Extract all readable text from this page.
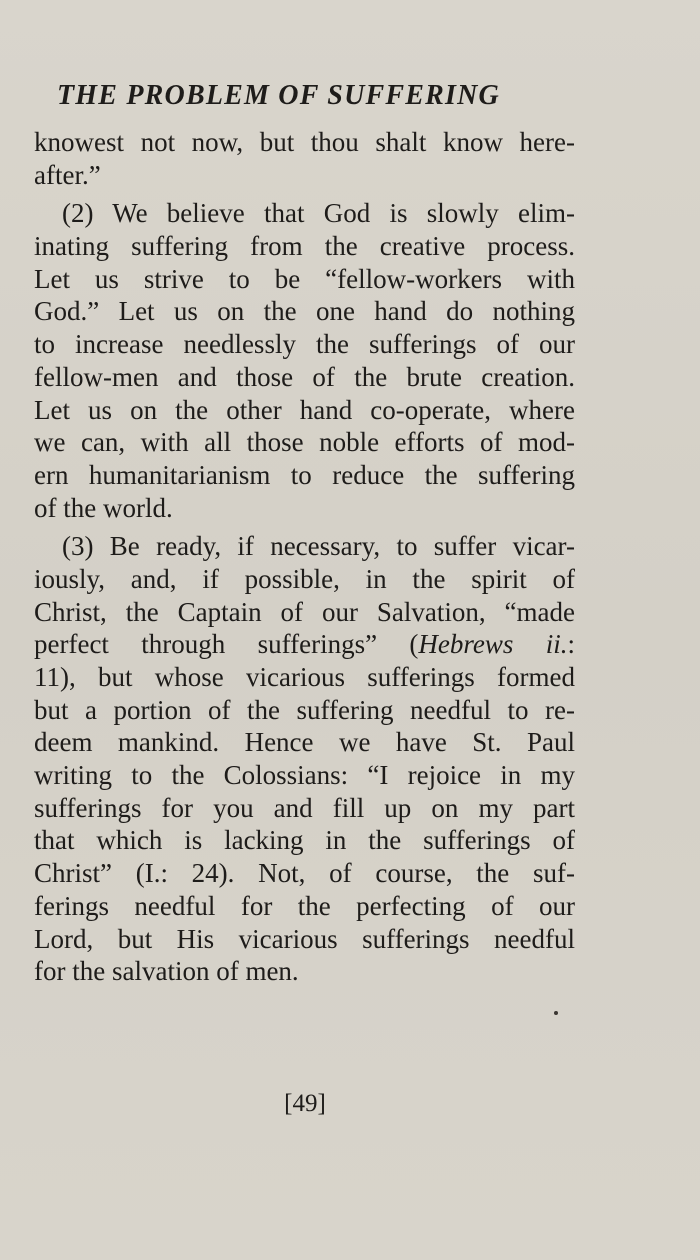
THE PROBLEM OF SUFFERING
knowest not now, but thou shalt know here-
after.”
(2) We believe that God is slowly elim-
inating suffering from the creative process.
Let us strive to be “fellow-workers with
God.” Let us on the one hand do nothing
to increase needlessly the sufferings of our
fellow-men and those of the brute creation.
Let us on the other hand co-operate, where
we can, with all those noble efforts of mod-
ern humanitarianism to reduce the suffering
of the world.
(3) Be ready, if necessary, to suffer vicar-
iously, and, if possible, in the spirit of
Christ, the Captain of our Salvation, “made
perfect through sufferings” (Hebrews ii.:
11), but whose vicarious sufferings formed
but a portion of the suffering needful to re-
deem mankind. Hence we have St. Paul
writing to the Colossians: “I rejoice in my
sufferings for you and fill up on my part
that which is lacking in the sufferings of
Christ” (I.: 24). Not, of course, the suf-
ferings needful for the perfecting of our
Lord, but His vicarious sufferings needful
for the salvation of men.
[49]
